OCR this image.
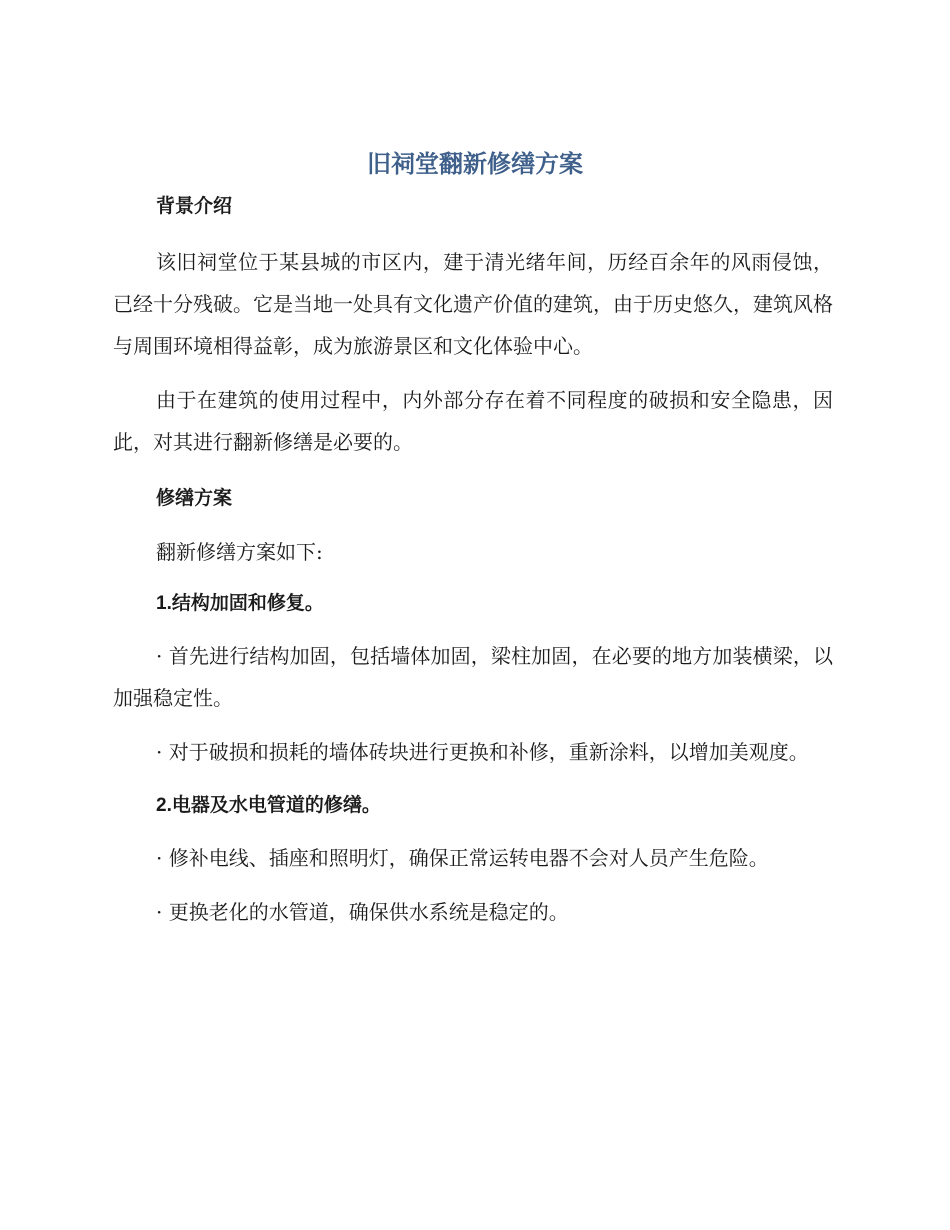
旧祠堂翻新修缮方案
背景介绍

该旧祠堂位于某县城的市区内，建于清光绪年间，历经百余年的风雨侵蚀，已经十分残破。它是当地一处具有文化遗产价值的建筑，由于历史悠久，建筑风格与周围环境相得益彰，成为旅游景区和文化体验中心。

由于在建筑的使用过程中，内外部分存在着不同程度的破损和安全隐患，因此，对其进行翻新修缮是必要的。

修缮方案

翻新修缮方案如下:

1.结构加固和修复。

· 首先进行结构加固，包括墙体加固，梁柱加固，在必要的地方加装横梁，以加强稳定性。

· 对于破损和损耗的墙体砖块进行更换和补修，重新涂料，以增加美观度。

2.电器及水电管道的修缮。

· 修补电线、插座和照明灯，确保正常运转电器不会对人员产生危险。

· 更换老化的水管道，确保供水系统是稳定的。
